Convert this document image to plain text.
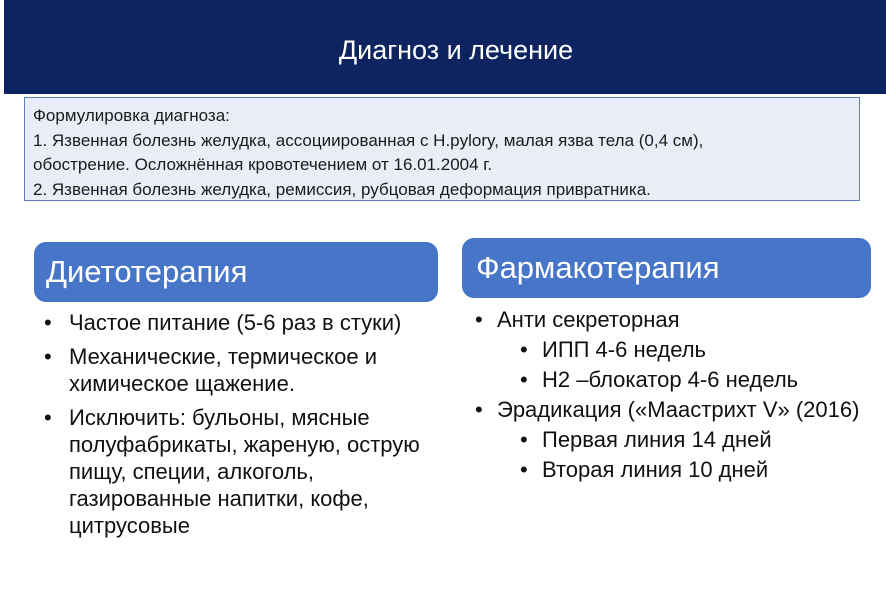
Диагноз и лечение
Формулировка диагноза:
1. Язвенная болезнь желудка, ассоциированная с H.pylory, малая язва тела (0,4 см),
обострение. Осложнённая кровотечением от 16.01.2004 г.
2. Язвенная болезнь желудка, ремиссия, рубцовая деформация привратника.
Диетотерапия	Фармакотерапия
• Частое питание (5-6 раз в стуки)
• Механические, термическое и химическое щажение.
• Исключить: бульоны, мясные полуфабрикаты, жареную, острую пищу, специи, алкоголь, газированные напитки, кофе, цитрусовые
• Анти секреторная
• ИПП 4-6 недель
• Н2 –блокатор 4-6 недель
• Эрадикация («Маастрихт V» (2016)
• Первая линия 14 дней
• Вторая линия 10 дней
